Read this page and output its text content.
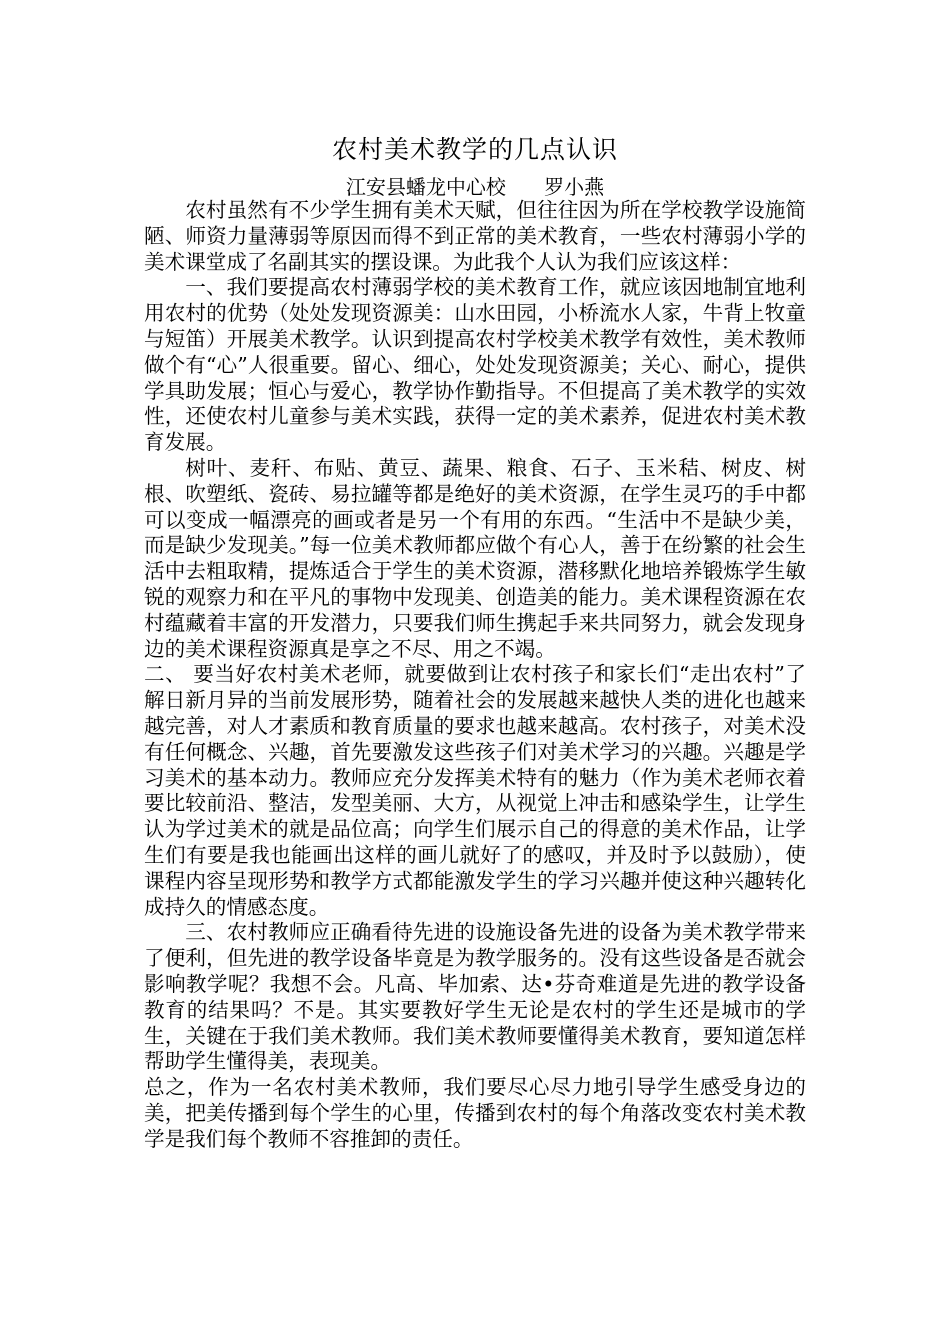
农村美术教学的几点认识
江安县蟠龙中心校      罗小燕

农村虽然有不少学生拥有美术天赋，但往往因为所在学校教学设施简陋、师资力量薄弱等原因而得不到正常的美术教育，一些农村薄弱小学的美术课堂成了名副其实的摆设课。为此我个人认为我们应该这样：

一、我们要提高农村薄弱学校的美术教育工作，就应该因地制宜地利用农村的优势（处处发现资源美：山水田园，小桥流水人家，牛背上牧童与短笛）开展美术教学。认识到提高农村学校美术教学有效性，美术教师做个有“心”人很重要。留心、细心，处处发现资源美；关心、耐心，提供学具助发展；恒心与爱心，教学协作勤指导。不但提高了美术教学的实效性，还使农村儿童参与美术实践，获得一定的美术素养，促进农村美术教育发展。

树叶、麦秆、布贴、黄豆、蔬果、粮食、石子、玉米秸、树皮、树根、吹塑纸、瓷砖、易拉罐等都是绝好的美术资源，在学生灵巧的手中都可以变成一幅漂亮的画或者是另一个有用的东西。“生活中不是缺少美，而是缺少发现美。”每一位美术教师都应做个有心人，善于在纷繁的社会生活中去粗取精，提炼适合于学生的美术资源，潜移默化地培养锻炼学生敏锐的观察力和在平凡的事物中发现美、创造美的能力。美术课程资源在农村蕴藏着丰富的开发潜力，只要我们师生携起手来共同努力，就会发现身边的美术课程资源真是享之不尽、用之不竭。

二、 要当好农村美术老师，就要做到让农村孩子和家长们“走出农村”了解日新月异的当前发展形势，随着社会的发展越来越快人类的进化也越来越完善，对人才素质和教育质量的要求也越来越高。农村孩子，对美术没有任何概念、兴趣，首先要激发这些孩子们对美术学习的兴趣。兴趣是学习美术的基本动力。教师应充分发挥美术特有的魅力（作为美术老师衣着要比较前沿、整洁，发型美丽、大方，从视觉上冲击和感染学生，让学生认为学过美术的就是品位高；向学生们展示自己的得意的美术作品，让学生们有要是我也能画出这样的画儿就好了的感叹，并及时予以鼓励），使课程内容呈现形势和教学方式都能激发学生的学习兴趣并使这种兴趣转化成持久的情感态度。

三、农村教师应正确看待先进的设施设备先进的设备为美术教学带来了便利，但先进的教学设备毕竟是为教学服务的。没有这些设备是否就会影响教学呢？我想不会。凡高、毕加索、达•芬奇难道是先进的教学设备教育的结果吗？不是。其实要教好学生无论是农村的学生还是城市的学生，关键在于我们美术教师。我们美术教师要懂得美术教育，要知道怎样帮助学生懂得美，表现美。

总之，作为一名农村美术教师，我们要尽心尽力地引导学生感受身边的美，把美传播到每个学生的心里，传播到农村的每个角落改变农村美术教学是我们每个教师不容推卸的责任。
